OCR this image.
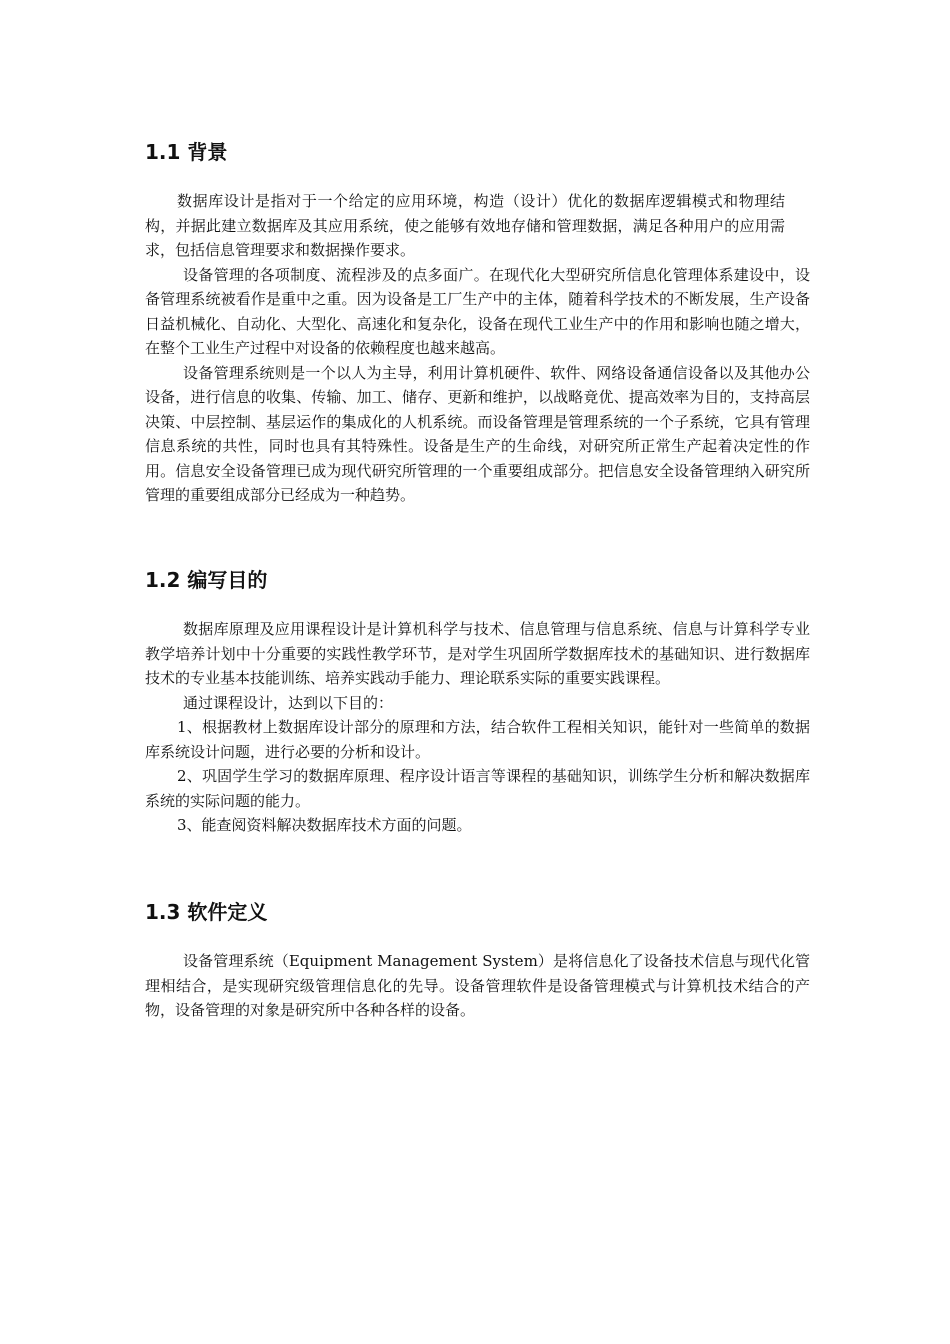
1.1 背景

数据库设计是指对于一个给定的应用环境，构造（设计）优化的数据库逻辑模式和物理结构，并据此建立数据库及其应用系统，使之能够有效地存储和管理数据，满足各种用户的应用需求，包括信息管理要求和数据操作要求。

设备管理的各项制度、流程涉及的点多面广。在现代化大型研究所信息化管理体系建设中，设备管理系统被看作是重中之重。因为设备是工厂生产中的主体，随着科学技术的不断发展，生产设备日益机械化、自动化、大型化、高速化和复杂化，设备在现代工业生产中的作用和影响也随之增大，在整个工业生产过程中对设备的依赖程度也越来越高。

设备管理系统则是一个以人为主导，利用计算机硬件、软件、网络设备通信设备以及其他办公设备，进行信息的收集、传输、加工、储存、更新和维护，以战略竟优、提高效率为目的，支持高层决策、中层控制、基层运作的集成化的人机系统。而设备管理是管理系统的一个子系统，它具有管理信息系统的共性，同时也具有其特殊性。设备是生产的生命线，对研究所正常生产起着决定性的作用。信息安全设备管理已成为现代研究所管理的一个重要组成部分。把信息安全设备管理纳入研究所管理的重要组成部分已经成为一种趋势。

1.2 编写目的

数据库原理及应用课程设计是计算机科学与技术、信息管理与信息系统、信息与计算科学专业教学培养计划中十分重要的实践性教学环节，是对学生巩固所学数据库技术的基础知识、进行数据库技术的专业基本技能训练、培养实践动手能力、理论联系实际的重要实践课程。

通过课程设计，达到以下目的：

1、根据教材上数据库设计部分的原理和方法，结合软件工程相关知识，能针对一些简单的数据库系统设计问题，进行必要的分析和设计。

2、巩固学生学习的数据库原理、程序设计语言等课程的基础知识，训练学生分析和解决数据库系统的实际问题的能力。

3、能查阅资料解决数据库技术方面的问题。

1.3 软件定义

设备管理系统（Equipment Management System）是将信息化了设备技术信息与现代化管理相结合，是实现研究级管理信息化的先导。设备管理软件是设备管理模式与计算机技术结合的产物，设备管理的对象是研究所中各种各样的设备。
